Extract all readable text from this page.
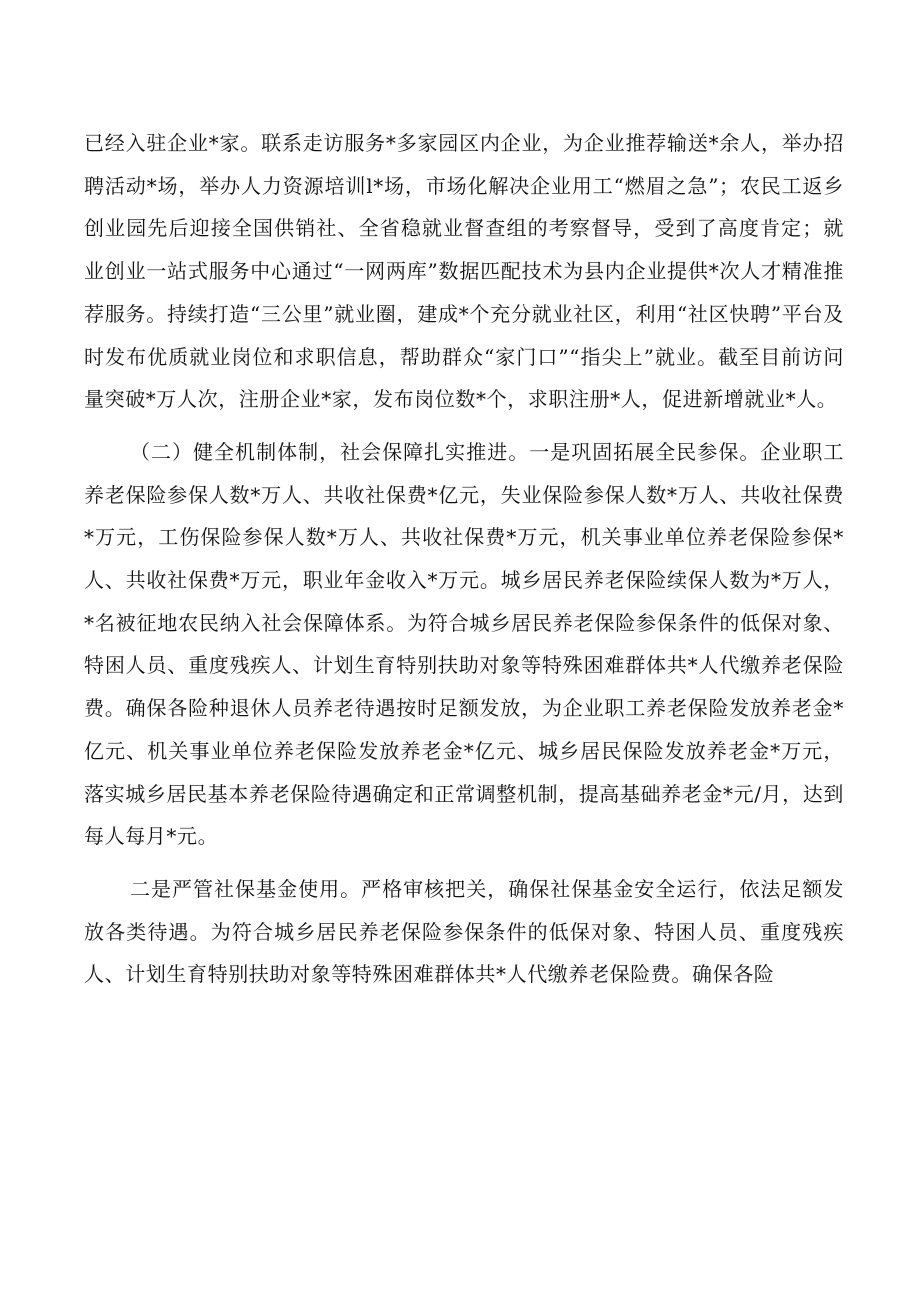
已经入驻企业*家。联系走访服务*多家园区内企业，为企业推荐输送*余人，举办招聘活动*场，举办人力资源培训l*场，市场化解决企业用工“燃眉之急”；农民工返乡创业园先后迎接全国供销社、全省稳就业督查组的考察督导，受到了高度肯定；就业创业一站式服务中心通过“一网两库”数据匹配技术为县内企业提供*次人才精准推荐服务。持续打造“三公里”就业圈，建成*个充分就业社区，利用“社区快聘”平台及时发布优质就业岗位和求职信息，帮助群众“家门口”“指尖上”就业。截至目前访问量突破*万人次，注册企业*家，发布岗位数*个，求职注册*人，促进新增就业*人。

（二）健全机制体制，社会保障扎实推进。一是巩固拓展全民参保。企业职工养老保险参保人数*万人、共收社保费*亿元，失业保险参保人数*万人、共收社保费*万元，工伤保险参保人数*万人、共收社保费*万元，机关事业单位养老保险参保*人、共收社保费*万元，职业年金收入*万元。城乡居民养老保险续保人数为*万人，*名被征地农民纳入社会保障体系。为符合城乡居民养老保险参保条件的低保对象、特困人员、重度残疾人、计划生育特别扶助对象等特殊困难群体共*人代缴养老保险费。确保各险种退休人员养老待遇按时足额发放，为企业职工养老保险发放养老金*亿元、机关事业单位养老保险发放养老金*亿元、城乡居民保险发放养老金*万元，落实城乡居民基本养老保险待遇确定和正常调整机制，提高基础养老金*元/月，达到每人每月*元。

二是严管社保基金使用。严格审核把关，确保社保基金安全运行，依法足额发放各类待遇。为符合城乡居民养老保险参保条件的低保对象、特困人员、重度残疾人、计划生育特别扶助对象等特殊困难群体共*人代缴养老保险费。确保各险
